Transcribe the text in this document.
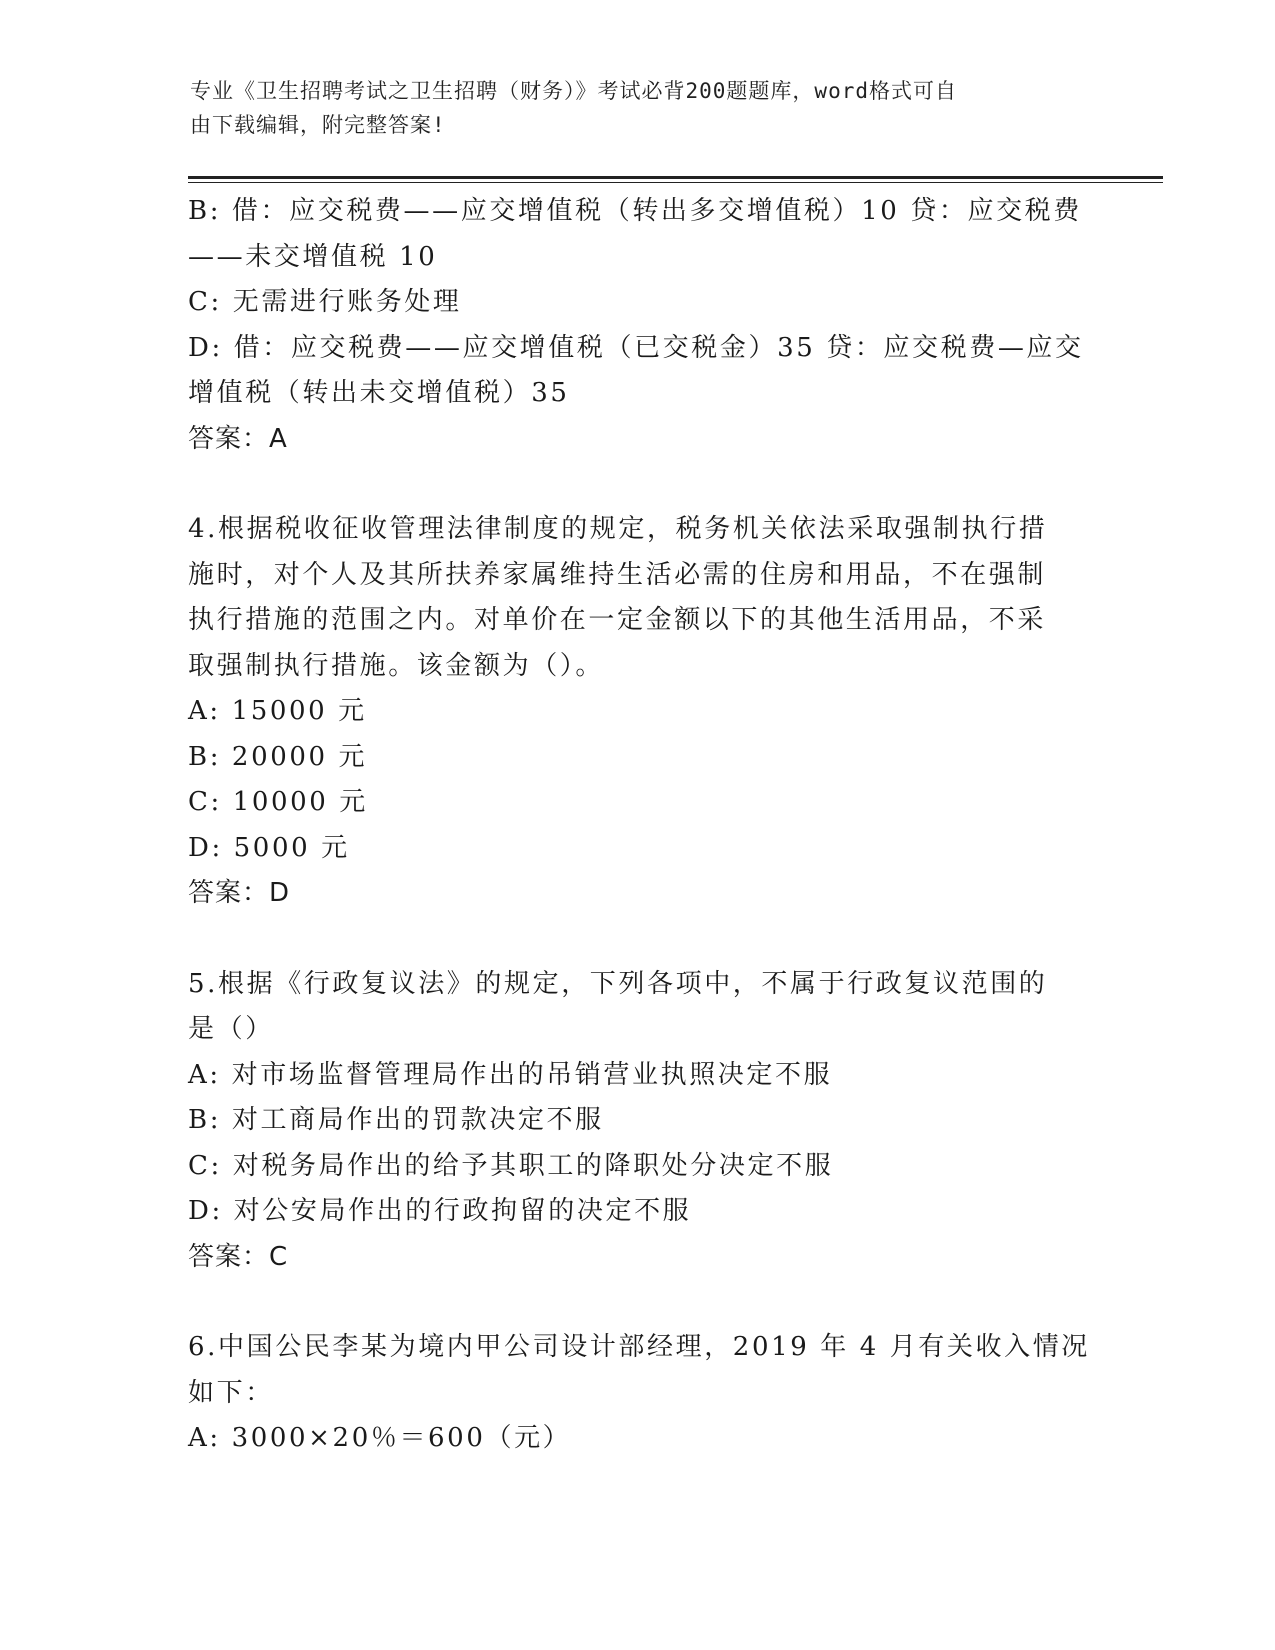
专业《卫生招聘考试之卫生招聘（财务）》考试必背200题题库，word格式可自
由下载编辑，附完整答案!
B: 借：应交税费——应交增值税（转出多交增值税）10 贷：应交税费
——未交增值税 10
C: 无需进行账务处理
D: 借：应交税费——应交增值税（已交税金）35 贷：应交税费—应交
增值税（转出未交增值税）35
答案：A
4.根据税收征收管理法律制度的规定，税务机关依法采取强制执行措
施时，对个人及其所扶养家属维持生活必需的住房和用品，不在强制
执行措施的范围之内。对单价在一定金额以下的其他生活用品，不采
取强制执行措施。该金额为（）。
A: 15000 元
B: 20000 元
C: 10000 元
D: 5000 元
答案：D
5.根据《行政复议法》的规定，下列各项中，不属于行政复议范围的
是（）
A: 对市场监督管理局作出的吊销营业执照决定不服
B: 对工商局作出的罚款决定不服
C: 对税务局作出的给予其职工的降职处分决定不服
D: 对公安局作出的行政拘留的决定不服
答案：C
6.中国公民李某为境内甲公司设计部经理，2019 年 4 月有关收入情况
如下：
A: 3000×20％＝600（元）
